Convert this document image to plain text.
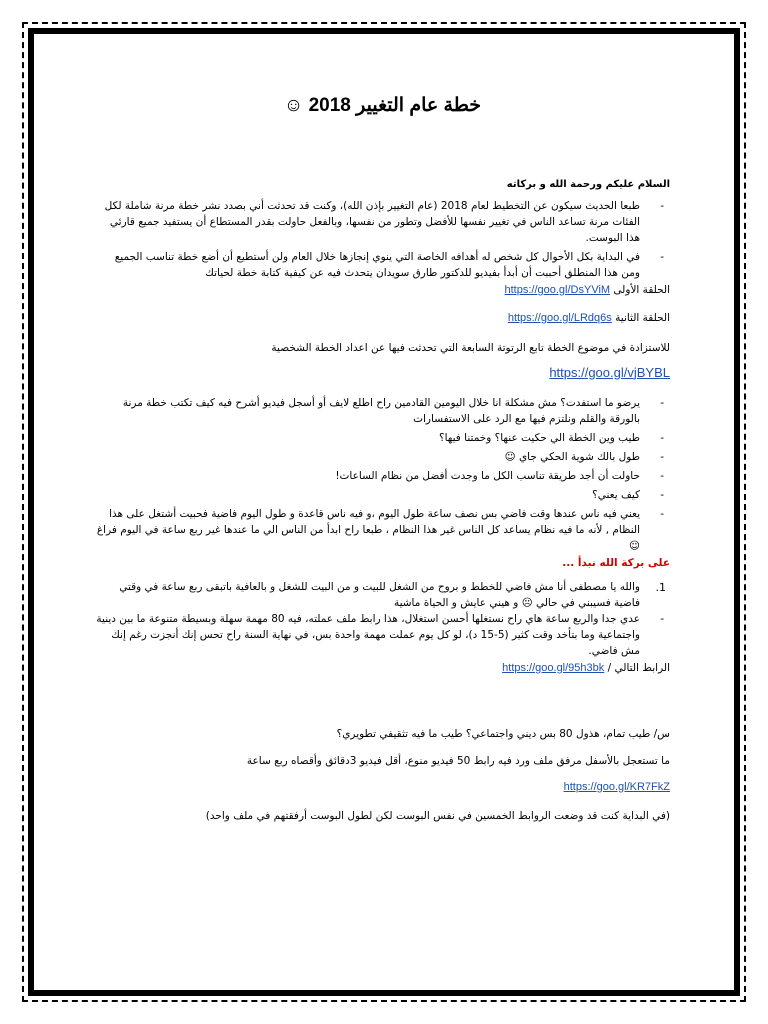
خطة عام التغيير 2018 ☺
السلام عليكم ورحمة الله و بركاته
- طبعا الحديث سيكون عن التخطيط لعام 2018 (عام التغيير بإذن الله)، وكنت قد تحدثت أني بصدد نشر خطة مرنة شاملة لكل الفئات مرنة تساعد الناس في تغيير نفسها للأفضل وتطور من نفسها، وبالفعل حاولت بقدر المستطاع أن يستفيد جميع قارئي هذا البوست.
- في البداية بكل الأحوال كل شخص له أهدافه الخاصة التي ينوي إنجازها خلال العام ولن أستطيع أن أضع خطة تناسب الجميع ومن هذا المنطلق أحببت أن أبدأ بفيديو للدكتور طارق سويدان يتحدث فيه عن كيفية كتابة خطة لحياتك
الحلقة الأولى https://goo.gl/DsYViM
الحلقة الثانية https://goo.gl/LRdq6s
للاستزادة في موضوع الخطة تابع الرتوتة السابعة التي تحدثت فيها عن اعداد الخطة الشخصية
https://goo.gl/vjBYBL
- يرضو ما استفدت؟ مش مشكلة انا خلال اليومين القادمين راح اطلع لايف أو أسجل فيديو أشرح فيه كيف تكتب خطة مرنة بالورقة والقلم ونلتزم فيها مع الرد على الاستفسارات
- طيب وين الخطة الي حكيت عنها؟ وخمتنا فيها؟
- طول بالك شوية الحكي جاي ☺
- حاولت أن أجد طريقة تناسب الكل ما وجدت أفضل من نظام الساعات!
- كيف يعني؟
- يعني فيه ناس عندها وقت فاضي بس نصف ساعة طول اليوم ،و فيه ناس قاعدة و طول اليوم فاضية فحبيت أشتغل على هذا النظام , لأنه ما فيه نظام يساعد كل الناس غير هذا النظام ، طبعا راح ابدأ من الناس الي ما عندها غير ربع ساعة في اليوم فراغ ☺
على بركة الله نبدأ ...
1.
والله يا مصطفى أنا مش فاضي للخطط و بروح من الشغل للبيت و من البيت للشغل و بالعافية باتبقى ربع ساعة في وقتي فاضية فسيبني في حالي ☹ و هيني عايش و الحياة ماشية
- عدي جدا والربع ساعة هاي راح نستغلها أحسن استغلال، هذا رابط ملف عملته، فيه 80 مهمة سهلة وبسيطة متنوعة ما بين دينية واجتماعية وما بتأخد وقت كثير (5-15 د)، لو كل يوم عملت مهمة واحدة بس، في نهاية السنة راح تحس إنك أنجزت رغم إنك مش فاضي.
الرابط التالي / https://goo.gl/95h3bk
س/ طيب تمام، هذول 80 بس ديني واجتماعي؟ طيب ما فيه تثقيفي تطويري؟
ما تستعجل بالأسفل مرفق ملف ورد فيه رابط 50 فيديو منوع، أقل فيديو 3دقائق وأقصاه ربع ساعة
https://goo.gl/KR7FkZ
(في البداية كنت قد وضعت الروابط الخمسين في نفس البوست لكن لطول البوست أرفقتهم في ملف واحد)
